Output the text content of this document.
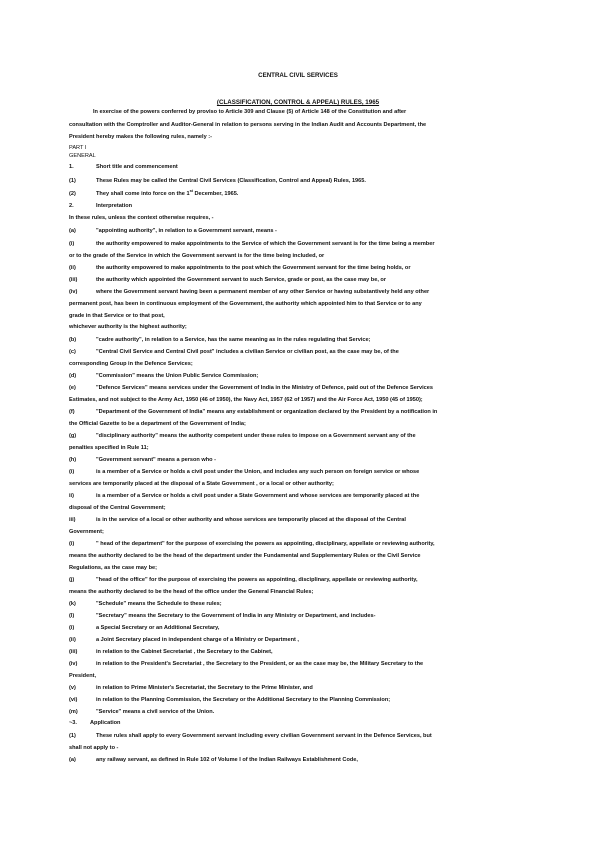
CENTRAL CIVIL SERVICES
(CLASSIFICATION, CONTROL & APPEAL) RULES, 1965
In exercise of the powers conferred by proviso to Article 309 and Clause (5) of Article 148 of the Constitution and after
consultation with the Comptroller and Auditor-General in relation to persons serving in the Indian Audit and Accounts Department, the
President hereby makes the following rules, namely :-
PART I
GENERAL
1.	Short title and commencement
(1)	These Rules may be called the Central Civil Services (Classification, Control and Appeal) Rules, 1965.
(2)	They shall come into force on the 1st December, 1965.
2.	Interpretation
In these rules, unless the context otherwise requires, -
(a)	"appointing authority", in relation to a Government servant, means -
(i)	the authority empowered to make appointments to the Service of which the Government servant is for the time being a member
or to the grade of the Service in which the Government servant is for the time being included, or
(ii)	the authority empowered to make appointments to the post which the Government servant for the time being holds, or
(iii)	the authority which appointed the Government servant to such Service, grade or post, as the case may be, or
(iv)	where the Government servant having been a permanent member of any other Service or having substantively held any other
permanent post, has been in continuous employment of the Government, the authority which appointed him to that Service or to any
grade in that Service or to that post,
whichever authority is the highest authority;
(b)	"cadre authority", in relation to a Service, has the same meaning as in the rules regulating that Service;
(c)	"Central Civil Service and Central Civil post" includes a civilian Service or civilian post, as the case may be, of the
corresponding Group in the Defence Services;
(d)	"Commission" means the Union Public Service Commission;
(e)	"Defence Services" means services under the Government of India in the Ministry of Defence, paid out of the Defence Services
Estimates, and not subject to the Army Act, 1950 (46 of 1950), the Navy Act, 1957 (62 of 1957) and the Air Force Act, 1950 (45 of 1950);
(f)	"Department of the Government of India" means any establishment or organization declared by the President by a notification in
the Official Gazette to be a department of the Government of India;
(g)	"disciplinary authority" means the authority competent under these rules to impose on a Government servant any of the
penalties specified in Rule 11;
(h)	"Government servant" means a person who -
(i)	is a member of a Service or holds a civil post under the Union, and includes any such person on foreign service or whose
services are temporarily placed at the disposal of a State Government , or a local or other authority;
ii)	is a member of a Service or holds a civil post under a State Government and whose services are temporarily placed at the
disposal of the Central Government;
iii)	is in the service of a local or other authority and whose services are temporarily placed at the disposal of the Central
Government;
(i)	" head of the department" for the purpose of exercising the powers as appointing, disciplinary, appellate or reviewing authority,
means the authority declared to be the head of the department under the Fundamental and Supplementary Rules or the Civil Service
Regulations, as the case may be;
(j)	"head of the office" for the purpose of exercising the powers as appointing, disciplinary, appellate or reviewing authority,
means the authority declared to be the head of the office under the General Financial Rules;
(k)	"Schedule" means the Schedule to these rules;
(l)	"Secretary" means the Secretary to the Government of India in any Ministry or Department, and includes-
(i)	a Special Secretary or an Additional Secretary,
(ii)	a Joint Secretary placed in independent charge of a Ministry or Department ,
(iii)	in relation to the Cabinet Secretariat , the Secretary to the Cabinet,
(iv)	in relation to the President's Secretariat , the Secretary to the President, or as the case may be, the Military Secretary to the
President,
(v)	in relation to Prime Minister's Secretariat, the Secretary to the Prime Minister, and
(vi)	in relation to the Planning Commission, the Secretary or the Additional Secretary to the Planning Commission;
(m)	"Service" means a civil service of the Union.
~3. Application
(1)	These rules shall apply to every Government servant including every civilian Government servant in the Defence Services, but
shall not apply to -
(a)	any railway servant, as defined in Rule 102 of Volume I of the Indian Railways Establishment Code,
